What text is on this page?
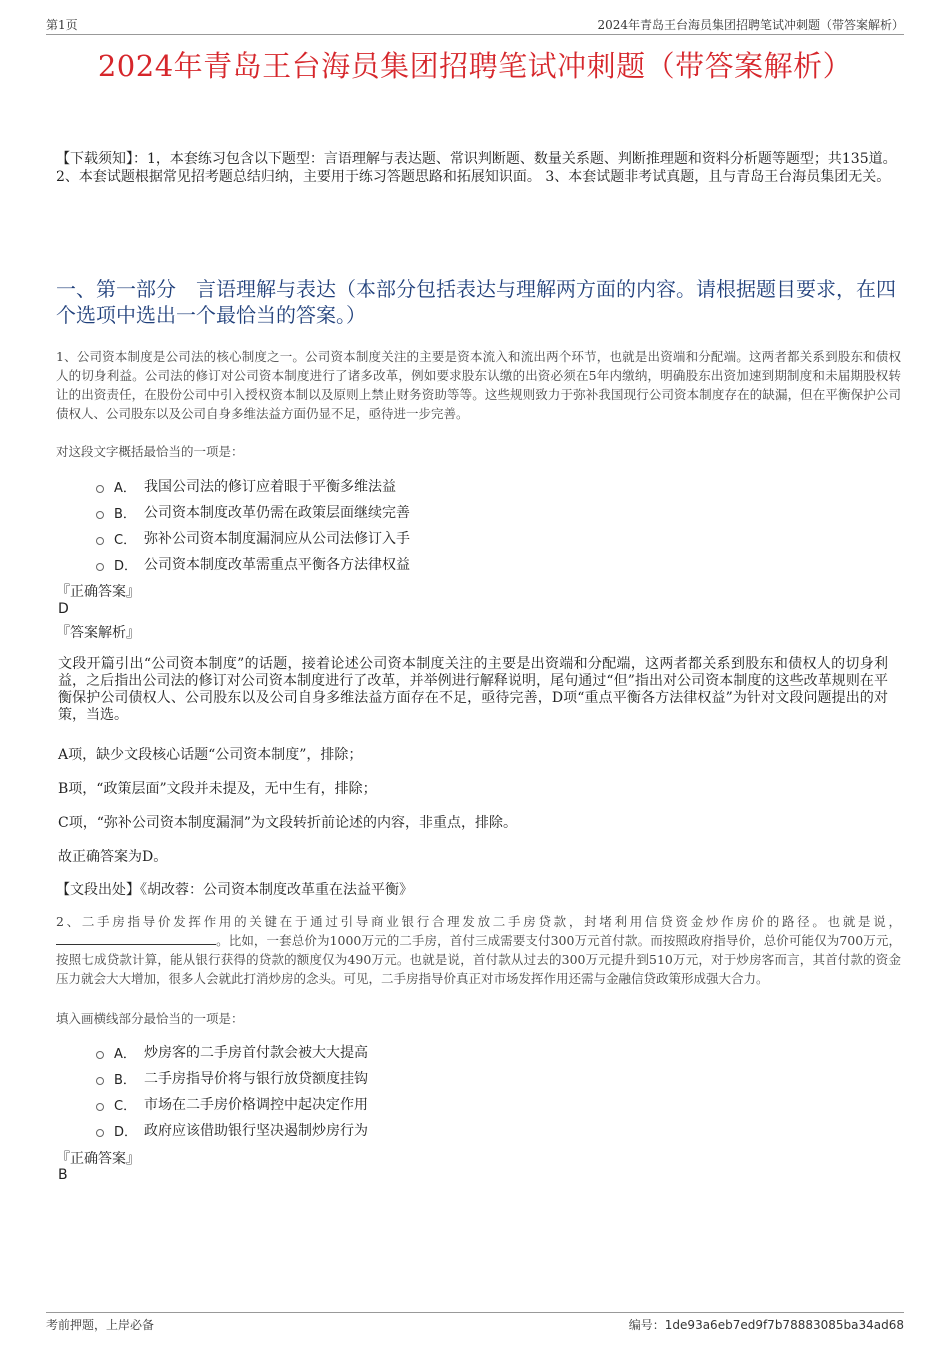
第1页	2024年青岛王台海员集团招聘笔试冲刺题（带答案解析）
2024年青岛王台海员集团招聘笔试冲刺题（带答案解析）
【下载须知】：1，本套练习包含以下题型：言语理解与表达题、常识判断题、数量关系题、判断推理题和资料分析题等题型；共135道。 2、本套试题根据常见招考题总结归纳，主要用于练习答题思路和拓展知识面。 3、本套试题非考试真题，且与青岛王台海员集团无关。
一、第一部分　言语理解与表达（本部分包括表达与理解两方面的内容。请根据题目要求，在四个选项中选出一个最恰当的答案。）
1、公司资本制度是公司法的核心制度之一。公司资本制度关注的主要是资本流入和流出两个环节，也就是出资端和分配端。这两者都关系到股东和债权人的切身利益。公司法的修订对公司资本制度进行了诸多改革，例如要求股东认缴的出资必须在5年内缴纳，明确股东出资加速到期制度和未届期股权转让的出资责任，在股份公司中引入授权资本制以及原则上禁止财务资助等等。这些规则致力于弥补我国现行公司资本制度存在的缺漏，但在平衡保护公司债权人、公司股东以及公司自身多维法益方面仍显不足，亟待进一步完善。
对这段文字概括最恰当的一项是：
A． 我国公司法的修订应着眼于平衡多维法益
B． 公司资本制度改革仍需在政策层面继续完善
C． 弥补公司资本制度漏洞应从公司法修订入手
D． 公司资本制度改革需重点平衡各方法律权益
『正确答案』
D
『答案解析』
文段开篇引出“公司资本制度”的话题，接着论述公司资本制度关注的主要是出资端和分配端，这两者都关系到股东和债权人的切身利益，之后指出公司法的修订对公司资本制度进行了改革，并举例进行解释说明，尾句通过“但”指出对公司资本制度的这些改革规则在平衡保护公司债权人、公司股东以及公司自身多维法益方面存在不足，亟待完善，D项“重点平衡各方法律权益”为针对文段问题提出的对策，当选。
A项，缺少文段核心话题“公司资本制度”，排除；
B项，“政策层面”文段并未提及，无中生有，排除；
C项，“弥补公司资本制度漏洞”为文段转折前论述的内容，非重点，排除。
故正确答案为D。
【文段出处】《胡改蓉：公司资本制度改革重在法益平衡》
2、二手房指导价发挥作用的关键在于通过引导商业银行合理发放二手房贷款，封堵利用信贷资金炒作房价的路径。也就是说，。比如，一套总价为1000万元的二手房，首付三成需要支付300万元首付款。而按照政府指导价，总价可能仅为700万元，按照七成贷款计算，能从银行获得的贷款的额度仅为490万元。也就是说，首付款从过去的300万元提升到510万元，对于炒房客而言，其首付款的资金压力就会大大增加，很多人会就此打消炒房的念头。可见，二手房指导价真正对市场发挥作用还需与金融信贷政策形成强大合力。
填入画横线部分最恰当的一项是：
A． 炒房客的二手房首付款会被大大提高
B． 二手房指导价将与银行放贷额度挂钩
C． 市场在二手房价格调控中起决定作用
D． 政府应该借助银行坚决遏制炒房行为
『正确答案』
B
考前押题，上岸必备	编号：1de93a6eb7ed9f7b78883085ba34ad68
